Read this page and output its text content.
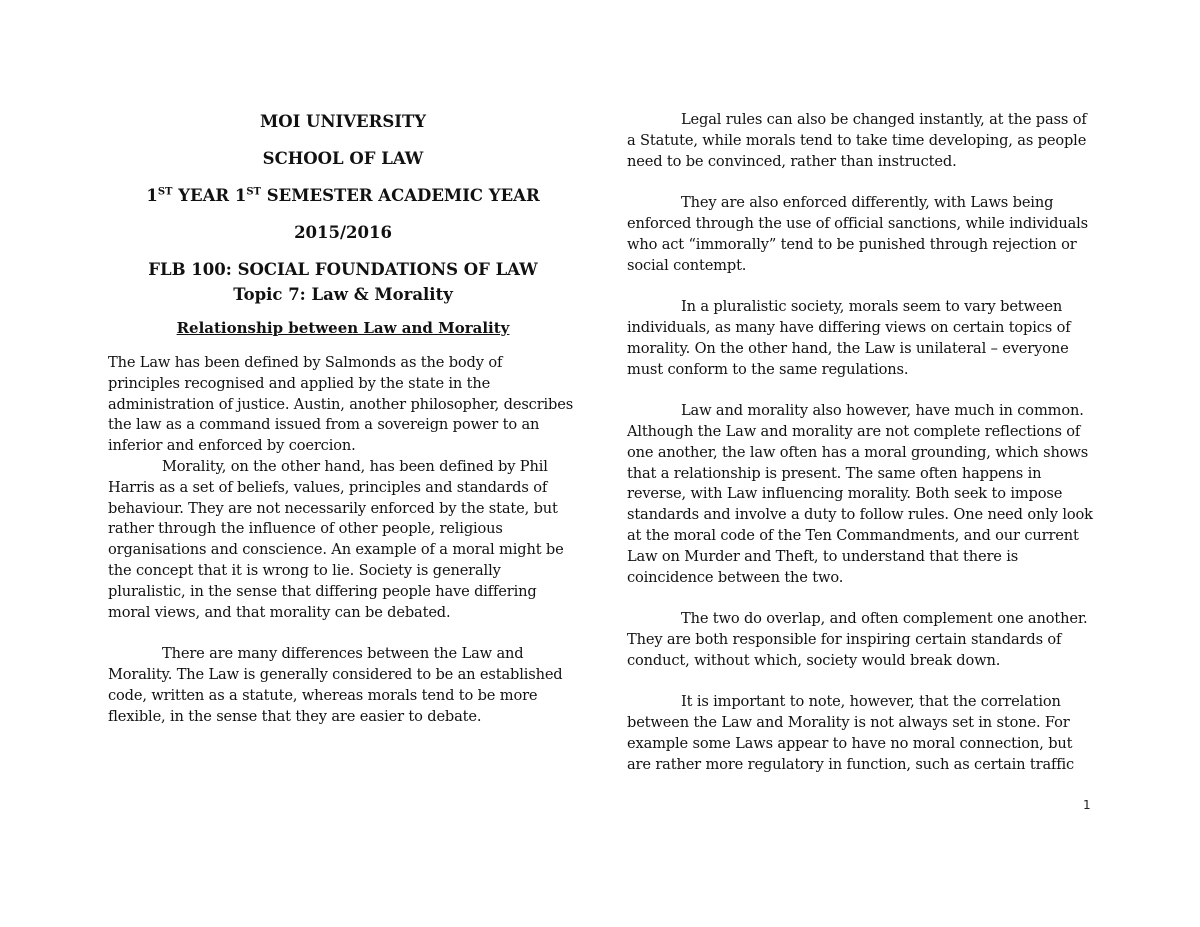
MOI UNIVERSITY

SCHOOL OF LAW

1ST YEAR 1ST SEMESTER ACADEMIC YEAR

2015/2016

FLB 100: SOCIAL FOUNDATIONS OF LAW

Topic 7: Law & Morality

Relationship between Law and Morality

The Law has been defined by Salmonds as the body of principles recognised and applied by the state in the administration of justice. Austin, another philosopher, describes the law as a command issued from a sovereign power to an inferior and enforced by coercion.

Morality, on the other hand, has been defined by Phil Harris as a set of beliefs, values, principles and standards of behaviour. They are not necessarily enforced by the state, but rather through the influence of other people, religious organisations and conscience. An example of a moral might be the concept that it is wrong to lie. Society is generally pluralistic, in the sense that differing people have differing moral views, and that morality can be debated.

There are many differences between the Law and Morality. The Law is generally considered to be an established code, written as a statute, whereas morals tend to be more flexible, in the sense that they are easier to debate.

Legal rules can also be changed instantly, at the pass of a Statute, while morals tend to take time developing, as people need to be convinced, rather than instructed.

They are also enforced differently, with Laws being enforced through the use of official sanctions, while individuals who act “immorally” tend to be punished through rejection or social contempt.

In a pluralistic society, morals seem to vary between individuals, as many have differing views on certain topics of morality. On the other hand, the Law is unilateral – everyone must conform to the same regulations.

Law and morality also however, have much in common. Although the Law and morality are not complete reflections of one another, the law often has a moral grounding, which shows that a relationship is present. The same often happens in reverse, with Law influencing morality. Both seek to impose standards and involve a duty to follow rules. One need only look at the moral code of the Ten Commandments, and our current Law on Murder and Theft, to understand that there is coincidence between the two.

The two do overlap, and often complement one another. They are both responsible for inspiring certain standards of conduct, without which, society would break down.

It is important to note, however, that the correlation between the Law and Morality is not always set in stone. For example some Laws appear to have no moral connection, but are rather more regulatory in function, such as certain traffic

1
